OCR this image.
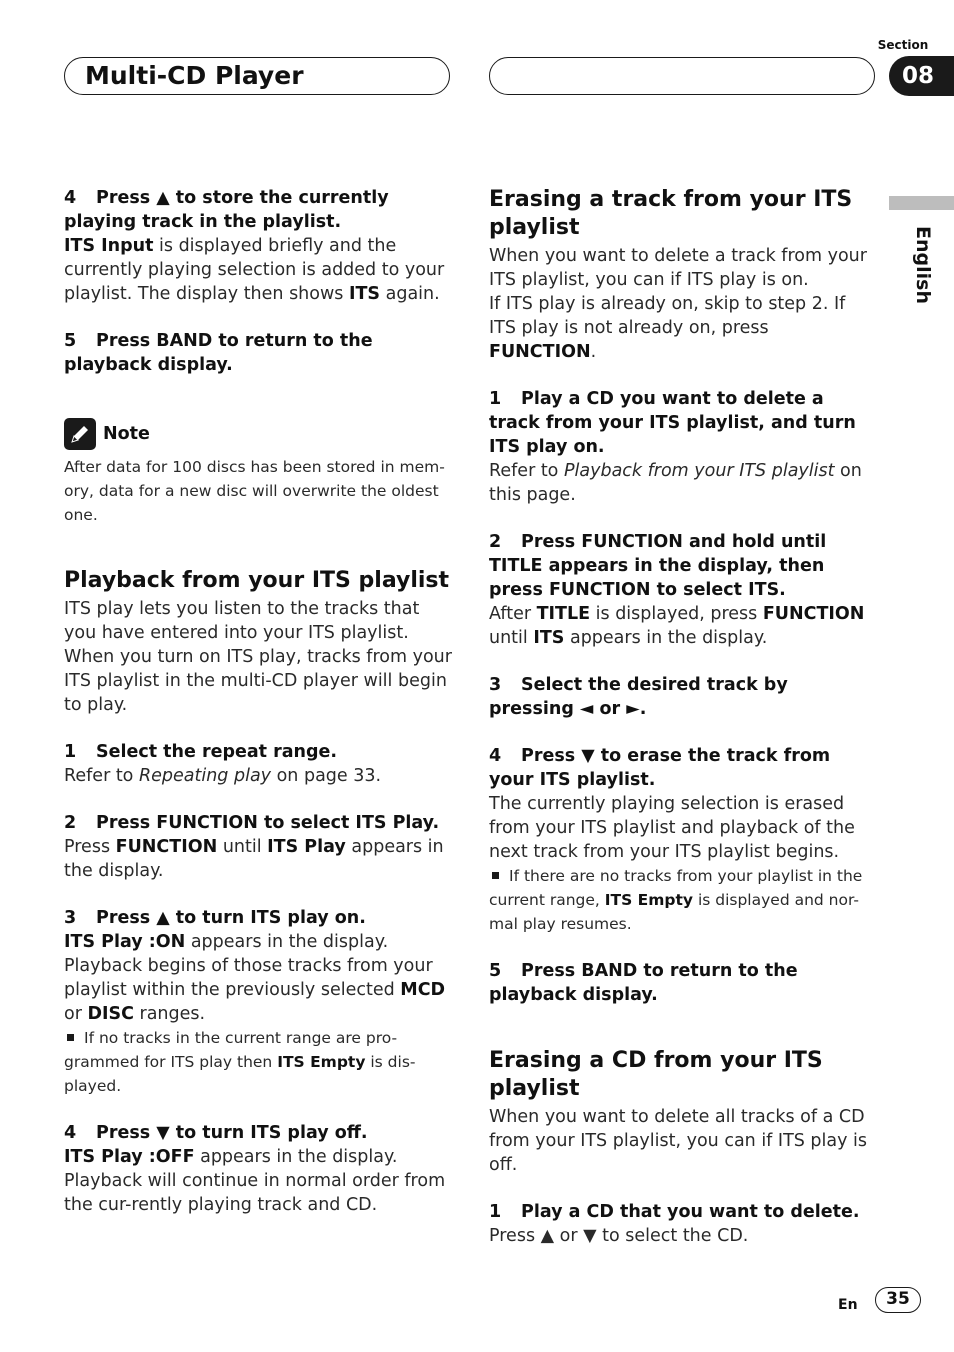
Multi-CD Player
Section
08
English

4 Press ▲ to store the currently playing track in the playlist.

ITS Input is displayed briefly and the currently playing selection is added to your playlist. The display then shows ITS again.

5 Press BAND to return to the playback display.

Note

After data for 100 discs has been stored in mem-ory, data for a new disc will overwrite the oldest one.

Playback from your ITS playlist

ITS play lets you listen to the tracks that you have entered into your ITS playlist. When you turn on ITS play, tracks from your ITS playlist in the multi-CD player will begin to play.

1 Select the repeat range.

Refer to Repeating play on page 33.

2 Press FUNCTION to select ITS Play.

Press FUNCTION until ITS Play appears in the display.

3 Press ▲ to turn ITS play on.

ITS Play :ON appears in the display. Playback begins of those tracks from your playlist within the previously selected MCD or DISC ranges.

If no tracks in the current range are pro-grammed for ITS play then ITS Empty is dis-played.

4 Press ▼ to turn ITS play off.

ITS Play :OFF appears in the display. Playback will continue in normal order from the cur-rently playing track and CD.

Erasing a track from your ITS playlist

When you want to delete a track from your ITS playlist, you can if ITS play is on.

If ITS play is already on, skip to step 2. If ITS play is not already on, press FUNCTION.

1 Play a CD you want to delete a track from your ITS playlist, and turn ITS play on.

Refer to Playback from your ITS playlist on this page.

2 Press FUNCTION and hold until TITLE appears in the display, then press FUNCTION to select ITS.

After TITLE is displayed, press FUNCTION until ITS appears in the display.

3 Select the desired track by pressing ◄ or ►.

4 Press ▼ to erase the track from your ITS playlist.

The currently playing selection is erased from your ITS playlist and playback of the next track from your ITS playlist begins.

If there are no tracks from your playlist in the current range, ITS Empty is displayed and nor-mal play resumes.

5 Press BAND to return to the playback display.

Erasing a CD from your ITS playlist

When you want to delete all tracks of a CD from your ITS playlist, you can if ITS play is off.

1 Play a CD that you want to delete.

Press ▲ or ▼ to select the CD.

En	35
